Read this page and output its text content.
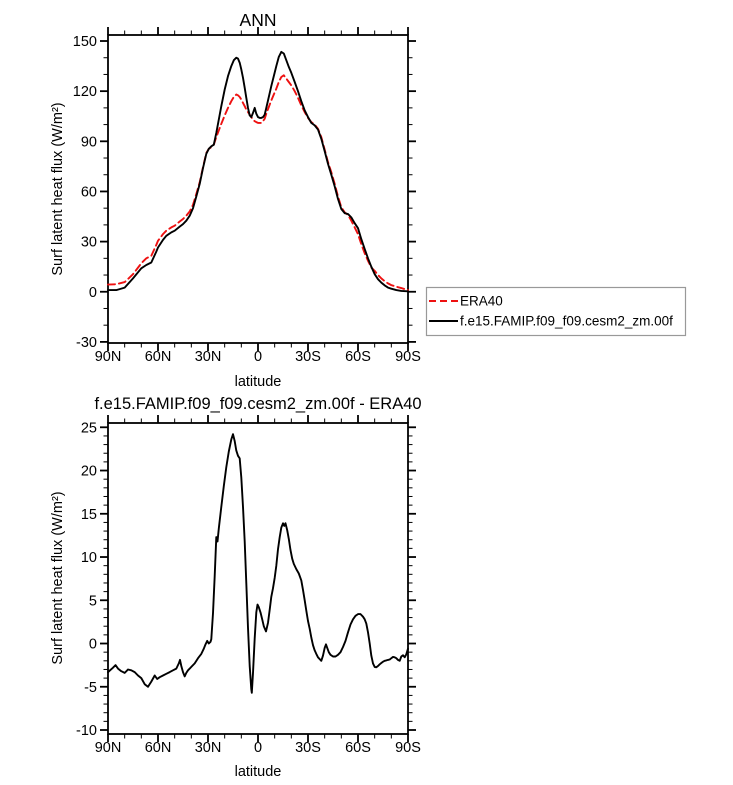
90N 60N 30N 0 30S 60S 90S
-30
0
30
60
90
120
150
ANN
latitude
Surf latent heat flux (W/m²)
ERA40
f.e15.FAMIP.f09_f09.cesm2_zm.00f
90N 60N 30N 0 30S 60S 90S
-10
-5
0
5
10
15
20
25
f.e15.FAMIP.f09_f09.cesm2_zm.00f - ERA40
latitude
Surf latent heat flux (W/m²)
